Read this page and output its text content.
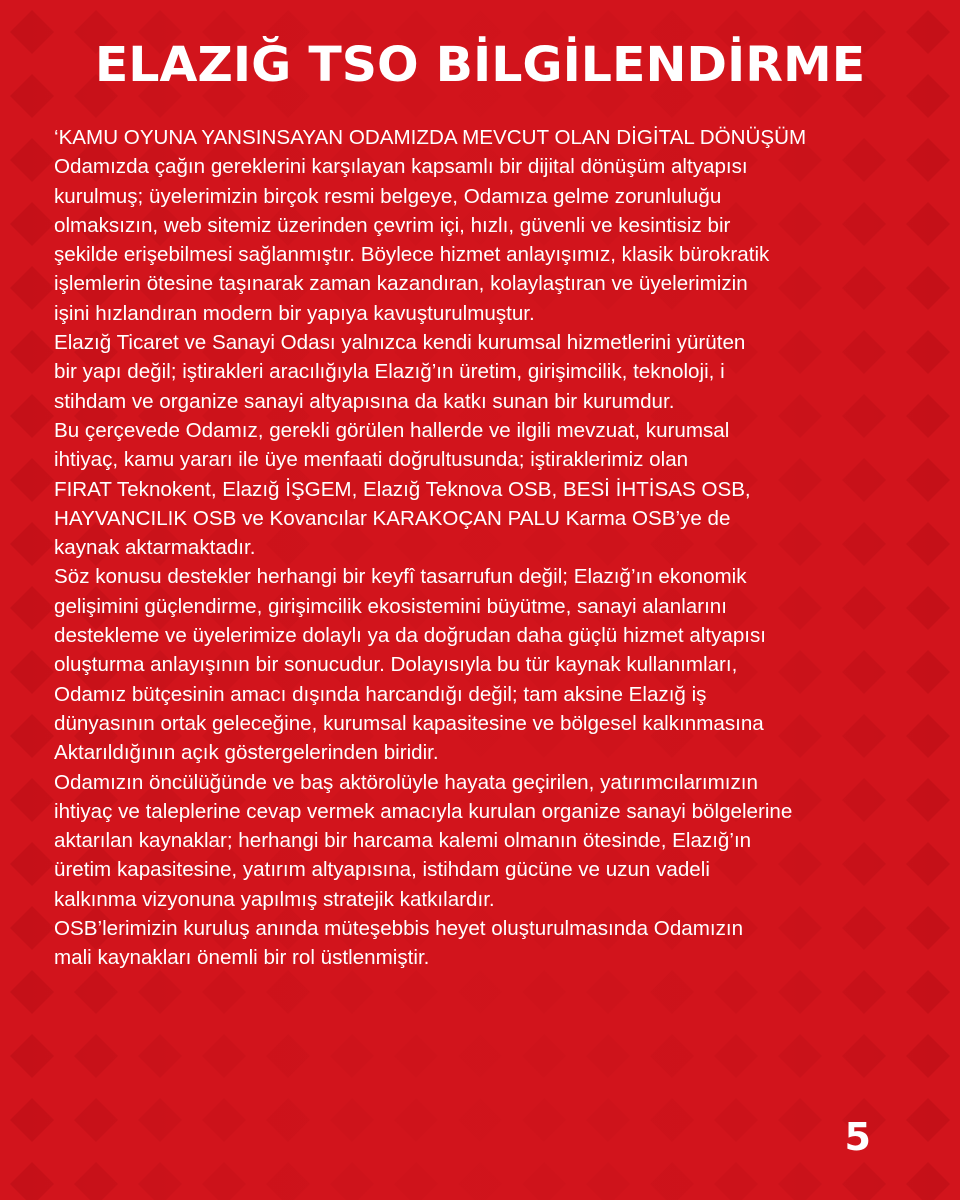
ELAZIĞ TSO BİLGİLENDİRME

‘KAMU OYUNA YANSINSAYAN ODAMIZDA MEVCUT OLAN DİGİTAL DÖNÜŞÜM
Odamızda çağın gereklerini karşılayan kapsamlı bir dijital dönüşüm altyapısı
kurulmuş; üyelerimizin birçok resmi belgeye, Odamıza gelme zorunluluğu
olmaksızın, web sitemiz üzerinden çevrim içi, hızlı, güvenli ve kesintisiz bir
şekilde erişebilmesi sağlanmıştır. Böylece hizmet anlayışımız, klasik bürokratik
işlemlerin ötesine taşınarak zaman kazandıran, kolaylaştıran ve üyelerimizin
işini hızlandıran modern bir yapıya kavuşturulmuştur.

Elazığ Ticaret ve Sanayi Odası yalnızca kendi kurumsal hizmetlerini yürüten
bir yapı değil; iştirakleri aracılığıyla Elazığ’ın üretim, girişimcilik, teknoloji, i
stihdam ve organize sanayi altyapısına da katkı sunan bir kurumdur.

Bu çerçevede Odamız, gerekli görülen hallerde ve ilgili mevzuat, kurumsal
ihtiyaç, kamu yararı ile üye menfaati doğrultusunda; iştiraklerimiz olan
FIRAT Teknokent, Elazığ İŞGEM, Elazığ Teknova OSB, BESİ İHTİSAS OSB,
HAYVANCILIK OSB ve Kovancılar KARAKOÇAN PALU Karma OSB’ye de
kaynak aktarmaktadır.

Söz konusu destekler herhangi bir keyfî tasarrufun değil; Elazığ’ın ekonomik
gelişimini güçlendirme, girişimcilik ekosistemini büyütme, sanayi alanlarını
destekleme ve üyelerimize dolaylı ya da doğrudan daha güçlü hizmet altyapısı
oluşturma anlayışının bir sonucudur. Dolayısıyla bu tür kaynak kullanımları,
Odamız bütçesinin amacı dışında harcandığı değil; tam aksine Elazığ iş
dünyasının ortak geleceğine, kurumsal kapasitesine ve bölgesel kalkınmasına
Aktarıldığının açık göstergelerinden biridir.

Odamızın öncülüğünde ve baş aktörolüyle hayata geçirilen, yatırımcılarımızın
ihtiyaç ve taleplerine cevap vermek amacıyla kurulan organize sanayi bölgelerine
aktarılan kaynaklar; herhangi bir harcama kalemi olmanın ötesinde, Elazığ’ın
üretim kapasitesine, yatırım altyapısına, istihdam gücüne ve uzun vadeli
kalkınma vizyonuna yapılmış stratejik katkılardır.

OSB’lerimizin kuruluş anında müteşebbis heyet oluşturulmasında Odamızın
mali kaynakları önemli bir rol üstlenmiştir.

5
